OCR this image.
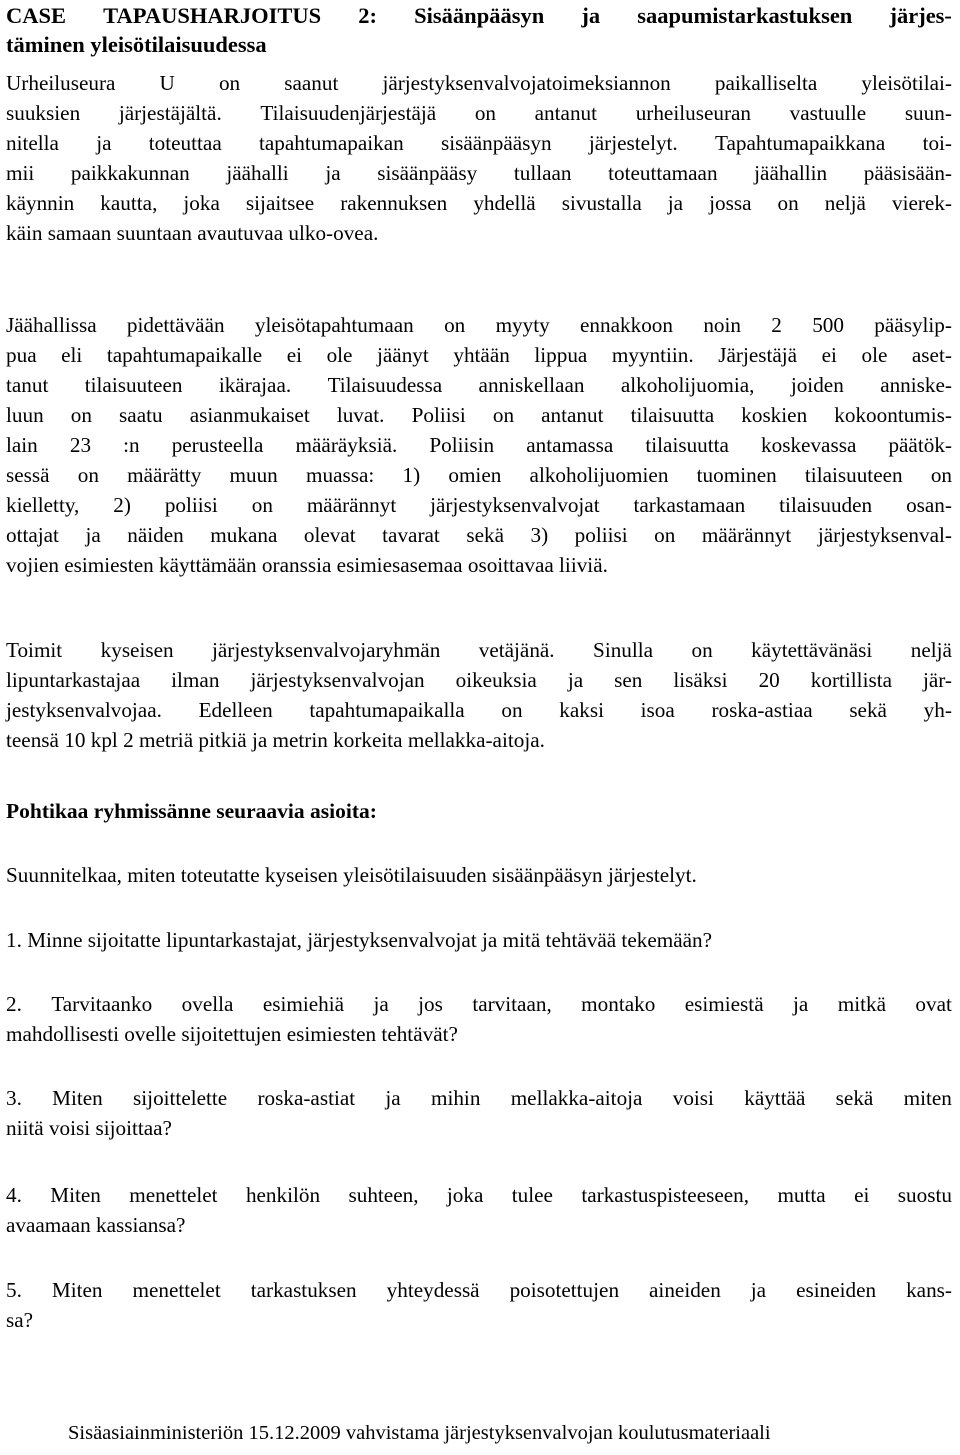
CASE TAPAUSHARJOITUS 2: Sisäänpääsyn ja saapumistarkastuksen järjes-
täminen yleisötilaisuudessa
Urheiluseura U on saanut järjestyksenvalvojatoimeksiannon paikalliselta yleisötilai-
suuksien järjestäjältä. Tilaisuudenjärjestäjä on antanut urheiluseuran vastuulle suun-
nitella ja toteuttaa tapahtumapaikan sisäänpääsyn järjestelyt. Tapahtumapaikkana toi-
mii paikkakunnan jäähalli ja sisäänpääsy tullaan toteuttamaan jäähallin pääsisään-
käynnin kautta, joka sijaitsee rakennuksen yhdellä sivustalla ja jossa on neljä vierek-
käin samaan suuntaan avautuvaa ulko-ovea.
Jäähallissa pidettävään yleisötapahtumaan on myyty ennakkoon noin 2 500 pääsylip-
pua eli tapahtumapaikalle ei ole jäänyt yhtään lippua myyntiin. Järjestäjä ei ole aset-
tanut tilaisuuteen ikärajaa. Tilaisuudessa anniskellaan alkoholijuomia, joiden anniske-
luun on saatu asianmukaiset luvat. Poliisi on antanut tilaisuutta koskien kokoontumis-
lain 23 :n perusteella määräyksiä. Poliisin antamassa tilaisuutta koskevassa päätök-
sessä on määrätty muun muassa: 1) omien alkoholijuomien tuominen tilaisuuteen on
kielletty, 2) poliisi on määrännyt järjestyksenvalvojat tarkastamaan tilaisuuden osan-
ottajat ja näiden mukana olevat tavarat sekä 3) poliisi on määrännyt järjestyksenval-
vojien esimiesten käyttämään oranssia esimiesasemaa osoittavaa liiviä.
Toimit kyseisen järjestyksenvalvojaryhmän vetäjänä. Sinulla on käytettävänäsi neljä
lipuntarkastajaa ilman järjestyksenvalvojan oikeuksia ja sen lisäksi 20 kortillista jär-
jestyksenvalvojaa. Edelleen tapahtumapaikalla on kaksi isoa roska-astiaa sekä yh-
teensä 10 kpl 2 metriä pitkiä ja metrin korkeita mellakka-aitoja.
Pohtikaa ryhmissänne seuraavia asioita:
Suunnitelkaa, miten toteutatte kyseisen yleisötilaisuuden sisäänpääsyn järjestelyt.
1. Minne sijoitatte lipuntarkastajat, järjestyksenvalvojat ja mitä tehtävää tekemään?
2. Tarvitaanko ovella esimiehiä ja jos tarvitaan, montako esimiestä ja mitkä ovat
mahdollisesti ovelle sijoitettujen esimiesten tehtävät?
3. Miten sijoittelette roska-astiat ja mihin mellakka-aitoja voisi käyttää sekä miten
niitä voisi sijoittaa?
4. Miten menettelet henkilön suhteen, joka tulee tarkastuspisteeseen, mutta ei suostu
avaamaan kassiansa?
5. Miten menettelet tarkastuksen yhteydessä poisotettujen aineiden ja esineiden kans-
sa?
Sisäasiainministeriön 15.12.2009 vahvistama järjestyksenvalvojan koulutusmateriaali
